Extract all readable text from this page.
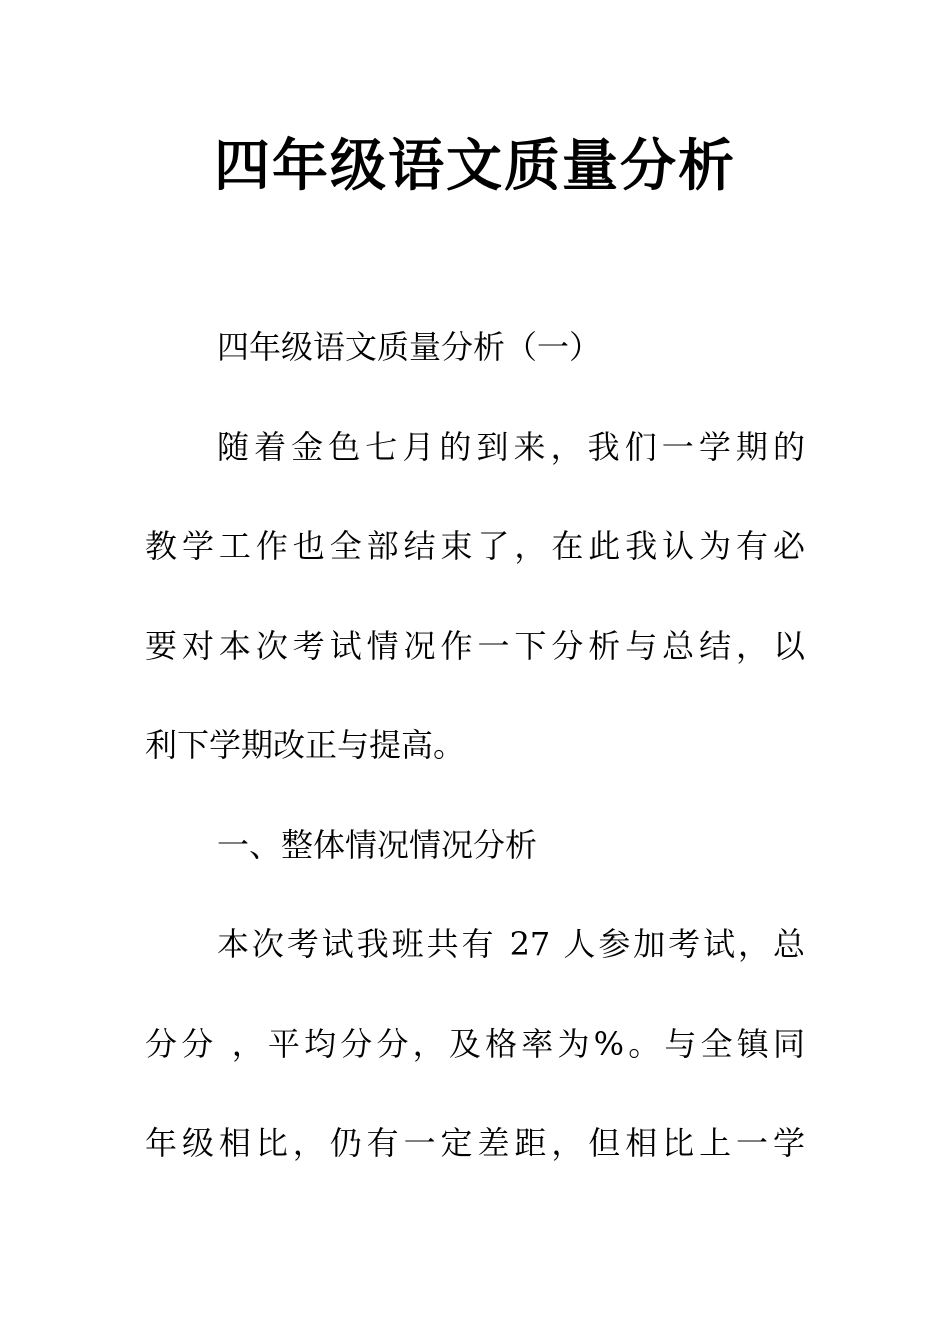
四年级语文质量分析
四年级语文质量分析（一）
随着金色七月的到来，我们一学期的
教学工作也全部结束了，在此我认为有必
要对本次考试情况作一下分析与总结，以
利下学期改正与提高。
一、整体情况情况分析
本次考试我班共有 27 人参加考试，总
分分 ，平均分分，及格率为%。与全镇同
年级相比，仍有一定差距，但相比上一学
